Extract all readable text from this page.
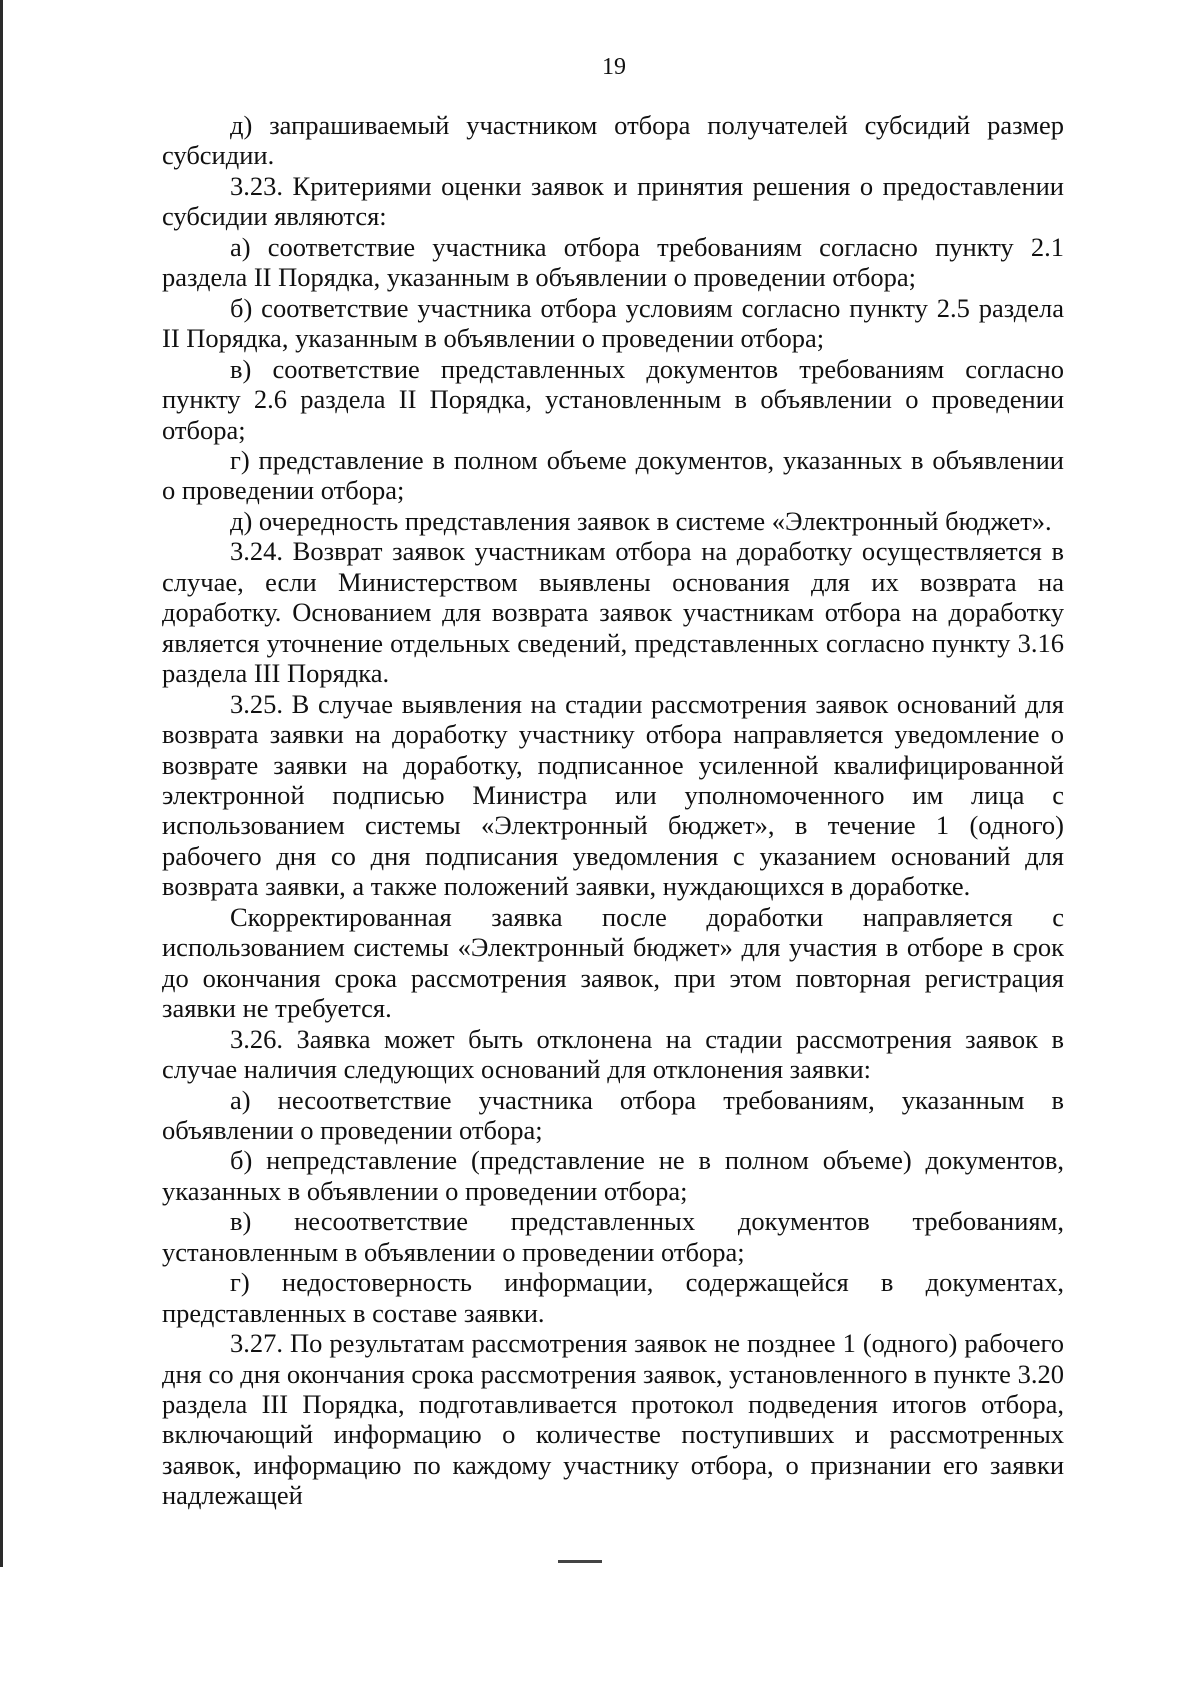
19

д) запрашиваемый участником отбора получателей субсидий размер субсидии.

3.23. Критериями оценки заявок и принятия решения о предоставлении субсидии являются:

а) соответствие участника отбора требованиям согласно пункту 2.1 раздела II Порядка, указанным в объявлении о проведении отбора;

б) соответствие участника отбора условиям согласно пункту 2.5 раздела II Порядка, указанным в объявлении о проведении отбора;

в) соответствие представленных документов требованиям согласно пункту 2.6 раздела II Порядка, установленным в объявлении о проведении отбора;

г) представление в полном объеме документов, указанных в объявлении о проведении отбора;

д) очередность представления заявок в системе «Электронный бюджет».

3.24. Возврат заявок участникам отбора на доработку осуществляется в случае, если Министерством выявлены основания для их возврата на доработку. Основанием для возврата заявок участникам отбора на доработку является уточнение отдельных сведений, представленных согласно пункту 3.16 раздела III Порядка.

3.25. В случае выявления на стадии рассмотрения заявок оснований для возврата заявки на доработку участнику отбора направляется уведомление о возврате заявки на доработку, подписанное усиленной квалифицированной электронной подписью Министра или уполномоченного им лица с использованием системы «Электронный бюджет», в течение 1 (одного) рабочего дня со дня подписания уведомления с указанием оснований для возврата заявки, а также положений заявки, нуждающихся в доработке.

Скорректированная заявка после доработки направляется с использованием системы «Электронный бюджет» для участия в отборе в срок до окончания срока рассмотрения заявок, при этом повторная регистрация заявки не требуется.

3.26. Заявка может быть отклонена на стадии рассмотрения заявок в случае наличия следующих оснований для отклонения заявки:

а) несоответствие участника отбора требованиям, указанным в объявлении о проведении отбора;

б) непредставление (представление не в полном объеме) документов, указанных в объявлении о проведении отбора;

в) несоответствие представленных документов требованиям, установленным в объявлении о проведении отбора;

г) недостоверность информации, содержащейся в документах, представленных в составе заявки.

3.27. По результатам рассмотрения заявок не позднее 1 (одного) рабочего дня со дня окончания срока рассмотрения заявок, установленного в пункте 3.20 раздела III Порядка, подготавливается протокол подведения итогов отбора, включающий информацию о количестве поступивших и рассмотренных заявок, информацию по каждому участнику отбора, о признании его заявки надлежащей
